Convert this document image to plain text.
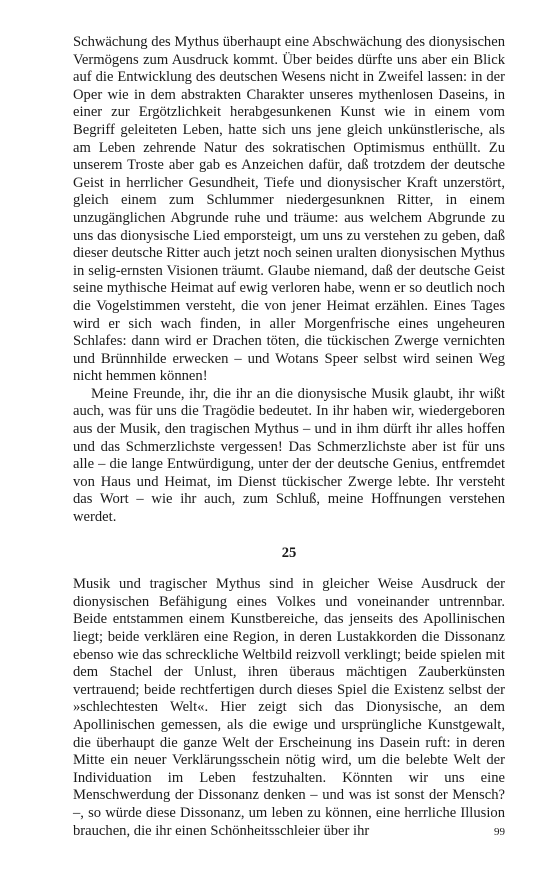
Schwächung des Mythus überhaupt eine Abschwächung des dionysischen Vermögens zum Ausdruck kommt. Über beides dürfte uns aber ein Blick auf die Entwicklung des deutschen Wesens nicht in Zweifel lassen: in der Oper wie in dem abstrakten Charakter unseres mythenlosen Daseins, in einer zur Ergötzlichkeit herabgesunkenen Kunst wie in einem vom Begriff geleiteten Leben, hatte sich uns jene gleich unkünstlerische, als am Leben zehrende Natur des sokratischen Optimismus enthüllt. Zu unserem Troste aber gab es Anzeichen dafür, daß trotzdem der deutsche Geist in herrlicher Gesundheit, Tiefe und dionysischer Kraft unzerstört, gleich einem zum Schlummer niedergesunknen Ritter, in einem unzugänglichen Abgrunde ruhe und träume: aus welchem Abgrunde zu uns das dionysische Lied emporsteigt, um uns zu verstehen zu geben, daß dieser deutsche Ritter auch jetzt noch seinen uralten dionysischen Mythus in selig-ernsten Visionen träumt. Glaube niemand, daß der deutsche Geist seine mythische Heimat auf ewig verloren habe, wenn er so deutlich noch die Vogelstimmen versteht, die von jener Heimat erzählen. Eines Tages wird er sich wach finden, in aller Morgenfrische eines ungeheuren Schlafes: dann wird er Drachen töten, die tückischen Zwerge vernichten und Brünnhilde erwecken – und Wotans Speer selbst wird seinen Weg nicht hemmen können!

Meine Freunde, ihr, die ihr an die dionysische Musik glaubt, ihr wißt auch, was für uns die Tragödie bedeutet. In ihr haben wir, wiedergeboren aus der Musik, den tragischen Mythus – und in ihm dürft ihr alles hoffen und das Schmerzlichste vergessen! Das Schmerzlichste aber ist für uns alle – die lange Entwürdigung, unter der der deutsche Genius, entfremdet von Haus und Heimat, im Dienst tückischer Zwerge lebte. Ihr versteht das Wort – wie ihr auch, zum Schluß, meine Hoffnungen verstehen werdet.

25

Musik und tragischer Mythus sind in gleicher Weise Ausdruck der dionysischen Befähigung eines Volkes und voneinander untrennbar. Beide entstammen einem Kunstbereiche, das jenseits des Apollinischen liegt; beide verklären eine Region, in deren Lustakkorden die Dissonanz ebenso wie das schreckliche Weltbild reizvoll verklingt; beide spielen mit dem Stachel der Unlust, ihren überaus mächtigen Zauberkünsten vertrauend; beide rechtfertigen durch dieses Spiel die Existenz selbst der »schlechtesten Welt«. Hier zeigt sich das Dionysische, an dem Apollinischen gemessen, als die ewige und ursprüngliche Kunstgewalt, die überhaupt die ganze Welt der Erscheinung ins Dasein ruft: in deren Mitte ein neuer Verklärungsschein nötig wird, um die belebte Welt der Individuation im Leben festzuhalten. Könnten wir uns eine Menschwerdung der Dissonanz denken – und was ist sonst der Mensch? –, so würde diese Dissonanz, um leben zu können, eine herrliche Illusion brauchen, die ihr einen Schönheitsschleier über ihr	99
